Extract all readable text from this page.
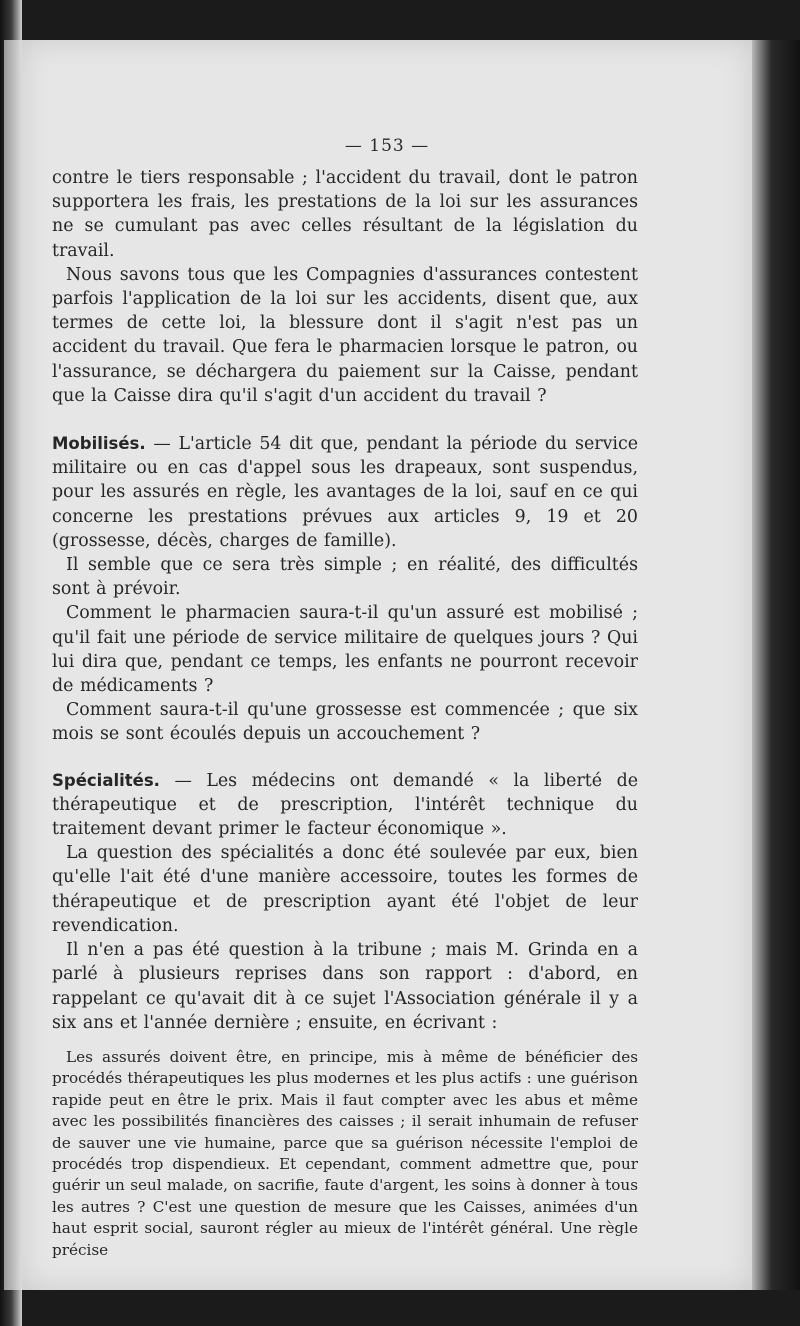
— 153 —

contre le tiers responsable ; l'accident du travail, dont le patron supportera les frais, les prestations de la loi sur les assurances ne se cumulant pas avec celles résultant de la législation du travail.

Nous savons tous que les Compagnies d'assurances contestent parfois l'application de la loi sur les accidents, disent que, aux termes de cette loi, la blessure dont il s'agit n'est pas un accident du travail. Que fera le pharmacien lorsque le patron, ou l'assurance, se déchargera du paiement sur la Caisse, pendant que la Caisse dira qu'il s'agit d'un accident du travail ?

Mobilisés. — L'article 54 dit que, pendant la période du service militaire ou en cas d'appel sous les drapeaux, sont suspendus, pour les assurés en règle, les avantages de la loi, sauf en ce qui concerne les prestations prévues aux articles 9, 19 et 20 (grossesse, décès, charges de famille).

Il semble que ce sera très simple ; en réalité, des difficultés sont à prévoir.

Comment le pharmacien saura-t-il qu'un assuré est mobilisé ; qu'il fait une période de service militaire de quelques jours ? Qui lui dira que, pendant ce temps, les enfants ne pourront recevoir de médicaments ?

Comment saura-t-il qu'une grossesse est commencée ; que six mois se sont écoulés depuis un accouchement ?

Spécialités. — Les médecins ont demandé « la liberté de thérapeutique et de prescription, l'intérêt technique du traitement devant primer le facteur économique ».

La question des spécialités a donc été soulevée par eux, bien qu'elle l'ait été d'une manière accessoire, toutes les formes de thérapeutique et de prescription ayant été l'objet de leur revendication.

Il n'en a pas été question à la tribune ; mais M. Grinda en a parlé à plusieurs reprises dans son rapport : d'abord, en rappelant ce qu'avait dit à ce sujet l'Association générale il y a six ans et l'année dernière ; ensuite, en écrivant :

Les assurés doivent être, en principe, mis à même de bénéficier des procédés thérapeutiques les plus modernes et les plus actifs : une guérison rapide peut en être le prix. Mais il faut compter avec les abus et même avec les possibilités financières des caisses ; il serait inhumain de refuser de sauver une vie humaine, parce que sa guérison nécessite l'emploi de procédés trop dispendieux. Et cependant, comment admettre que, pour guérir un seul malade, on sacrifie, faute d'argent, les soins à donner à tous les autres ? C'est une question de mesure que les Caisses, animées d'un haut esprit social, sauront régler au mieux de l'intérêt général. Une règle précise
